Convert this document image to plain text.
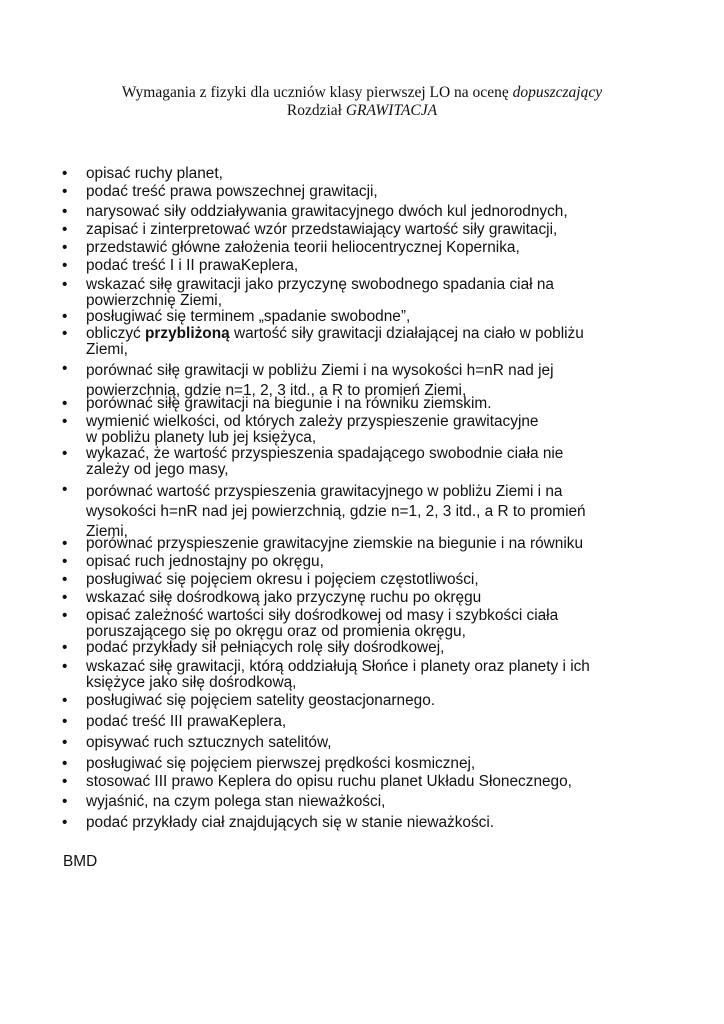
Wymagania z fizyki dla uczniów klasy pierwszej LO na ocenę dopuszczający
Rozdział GRAWITACJA
• opisać ruchy planet,
• podać treść prawa powszechnej grawitacji,
• narysować siły oddziaływania grawitacyjnego dwóch kul jednorodnych,
• zapisać i zinterpretować wzór przedstawiający wartość siły grawitacji,
• przedstawić główne założenia teorii heliocentrycznej Kopernika,
• podać treść I i II prawaKeplera,
• wskazać siłę grawitacji jako przyczynę swobodnego spadania ciał na
powierzchnię Ziemi,
• posługiwać się terminem „spadanie swobodne”,
• obliczyć przybliżoną wartość siły grawitacji działającej na ciało w pobliżu
Ziemi,
• porównać siłę grawitacji w pobliżu Ziemi i na wysokości h=nR nad jej
powierzchnią, gdzie n=1, 2, 3 itd., a R to promień Ziemi,
• porównać siłę grawitacji na biegunie i na równiku ziemskim.
• wymienić wielkości, od których zależy przyspieszenie grawitacyjne
w pobliżu planety lub jej księżyca,
• wykazać, że wartość przyspieszenia spadającego swobodnie ciała nie
zależy od jego masy,
• porównać wartość przyspieszenia grawitacyjnego w pobliżu Ziemi i na
wysokości h=nR nad jej powierzchnią, gdzie n=1, 2, 3 itd., a R to promień
Ziemi,
• porównać przyspieszenie grawitacyjne ziemskie na biegunie i na równiku
• opisać ruch jednostajny po okręgu,
• posługiwać się pojęciem okresu i pojęciem częstotliwości,
• wskazać siłę dośrodkową jako przyczynę ruchu po okręgu
• opisać zależność wartości siły dośrodkowej od masy i szybkości ciała
poruszającego się po okręgu oraz od promienia okręgu,
• podać przykłady sił pełniących rolę siły dośrodkowej,
• wskazać siłę grawitacji, którą oddziałują Słońce i planety oraz planety i ich
księżyce jako siłę dośrodkową,
• posługiwać się pojęciem satelity geostacjonarnego.
• podać treść III prawaKeplera,
• opisywać ruch sztucznych satelitów,
• posługiwać się pojęciem pierwszej prędkości kosmicznej,
• stosować III prawo Keplera do opisu ruchu planet Układu Słonecznego,
• wyjaśnić, na czym polega stan nieważkości,
• podać przykłady ciał znajdujących się w stanie nieważkości.
BMD
